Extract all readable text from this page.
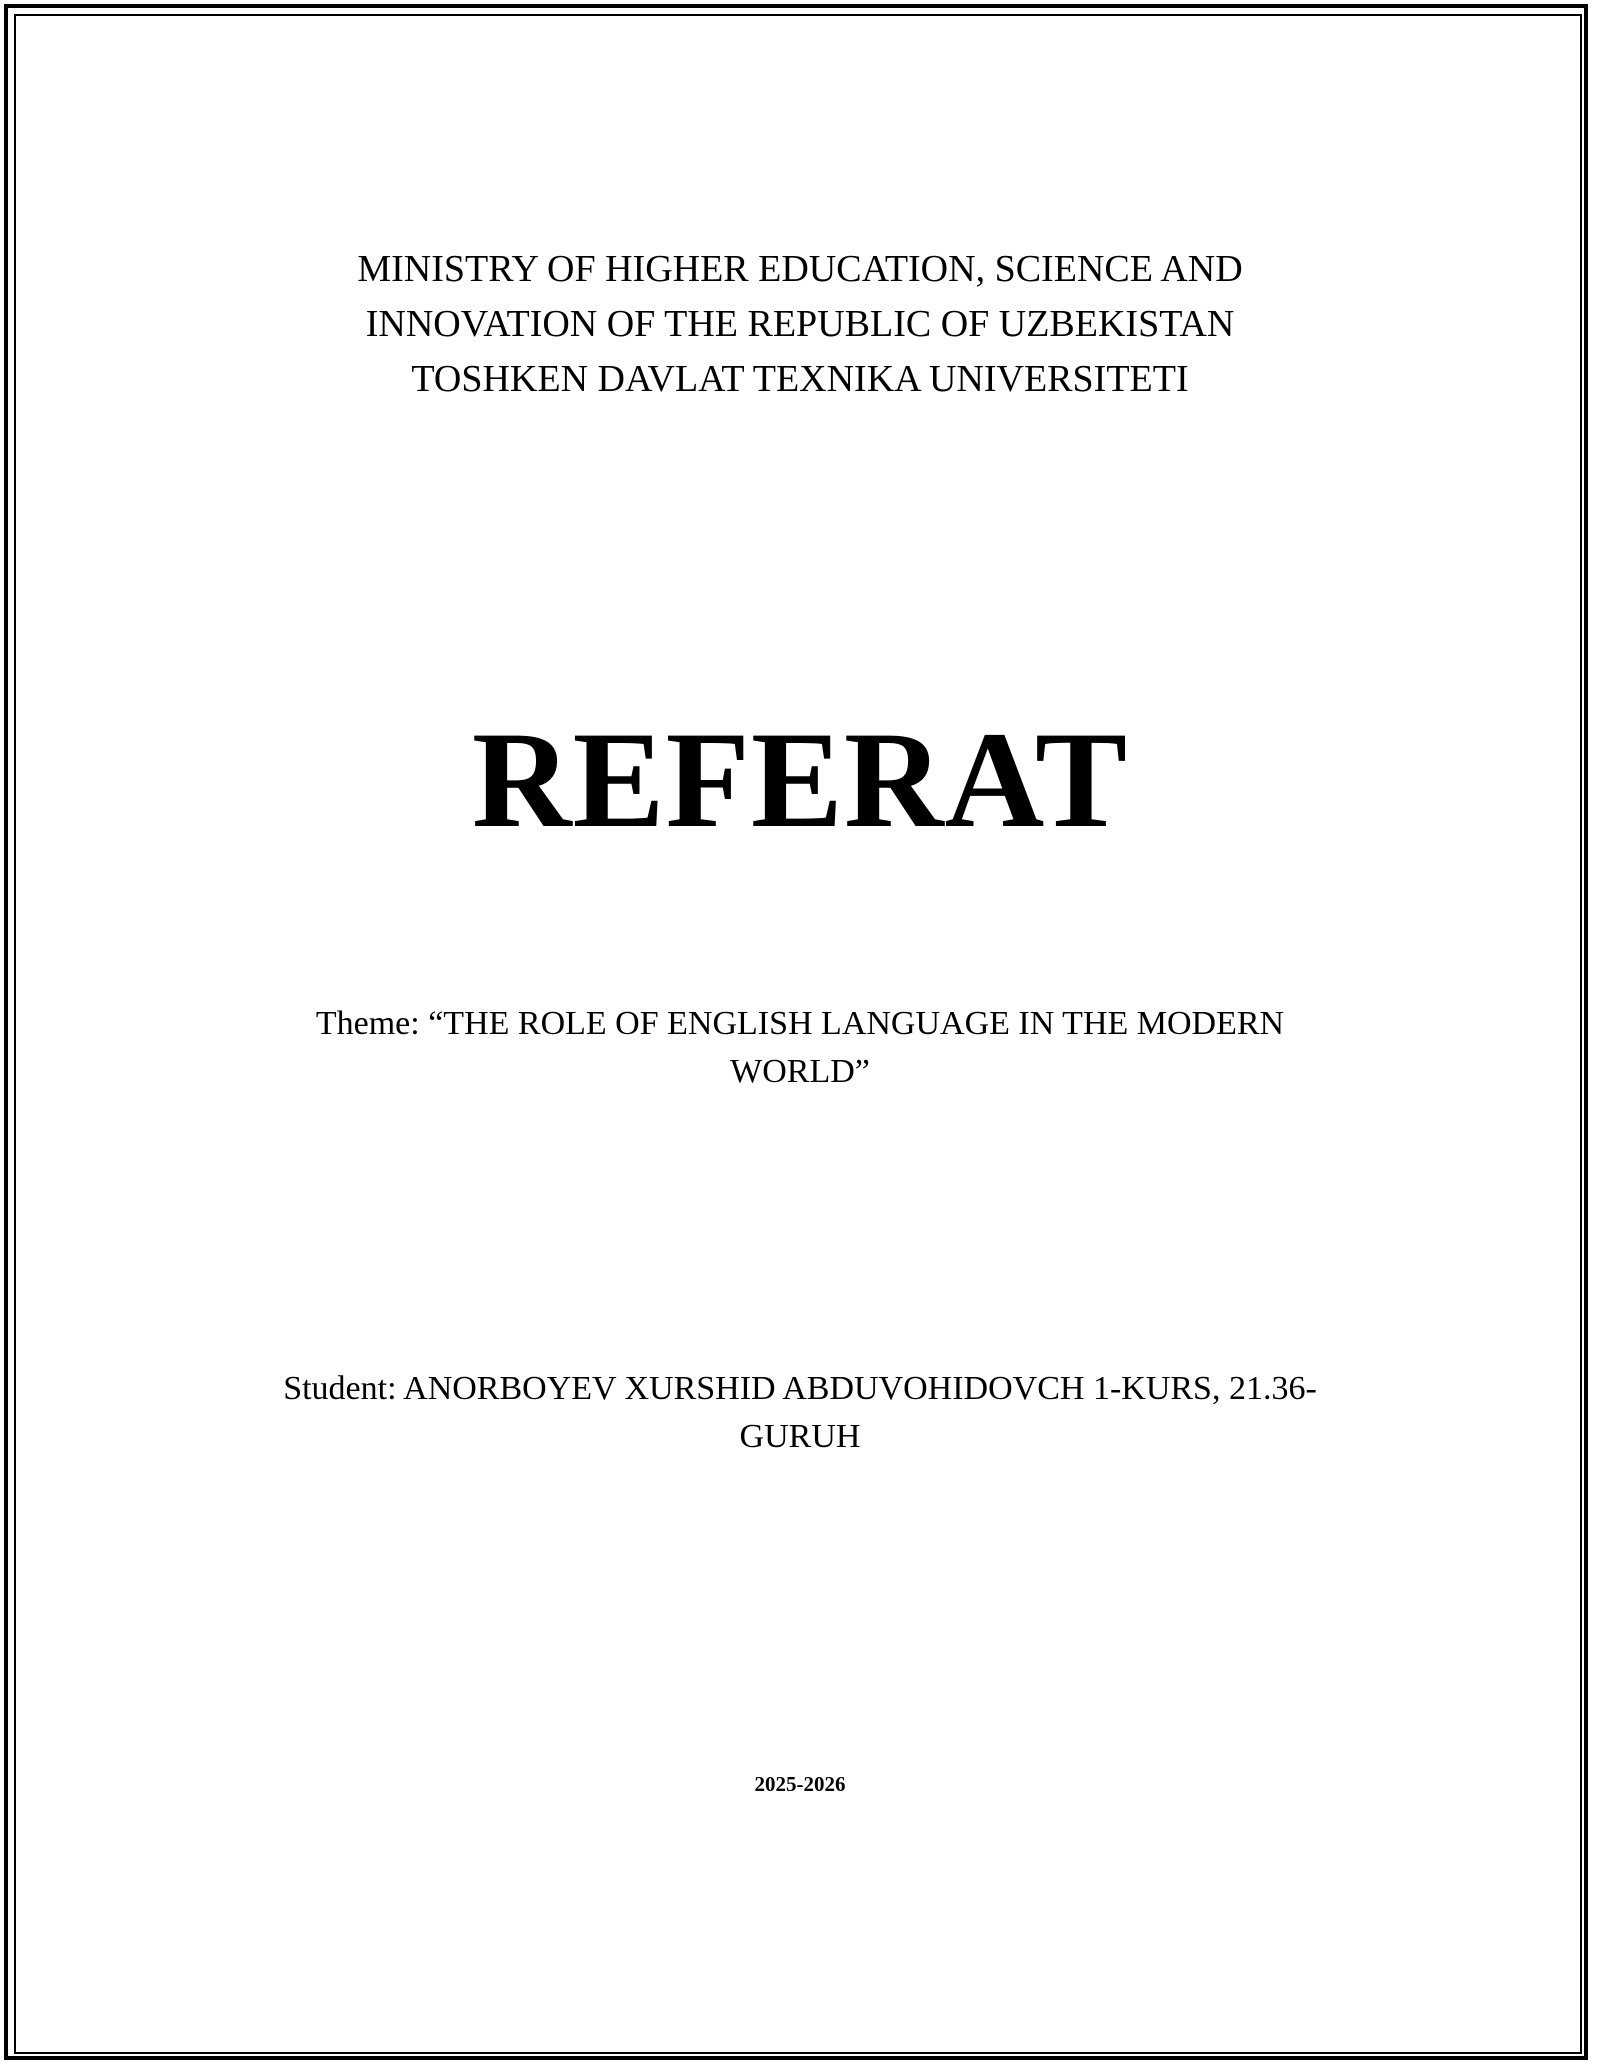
MINISTRY OF HIGHER EDUCATION, SCIENCE AND
INNOVATION OF THE REPUBLIC OF UZBEKISTAN
TOSHKEN DAVLAT TEXNIKA UNIVERSITETI
REFERAT
Theme: “THE ROLE OF ENGLISH LANGUAGE IN THE MODERN
WORLD”
Student: ANORBOYEV XURSHID ABDUVOHIDOVCH 1-KURS, 21.36-
GURUH
2025-2026
